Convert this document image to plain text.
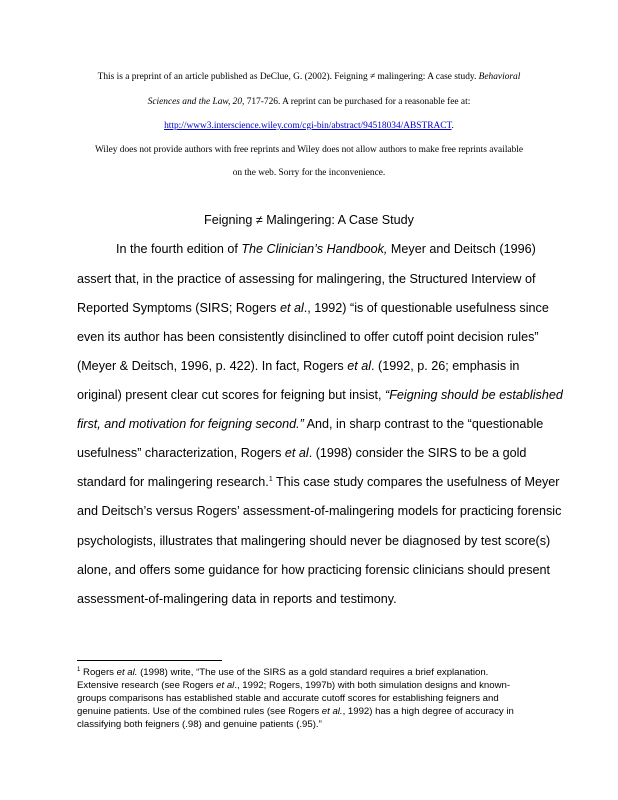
This is a preprint of an article published as DeClue, G. (2002). Feigning ≠ malingering: A case study. Behavioral
Sciences and the Law, 20, 717-726. A reprint can be purchased for a reasonable fee at:
http://www3.interscience.wiley.com/cgi-bin/abstract/94518034/ABSTRACT.
Wiley does not provide authors with free reprints and Wiley does not allow authors to make free reprints available
on the web. Sorry for the inconvenience.
Feigning ≠ Malingering: A Case Study
In the fourth edition of The Clinician’s Handbook, Meyer and Deitsch (1996)
assert that, in the practice of assessing for malingering, the Structured Interview of
Reported Symptoms (SIRS; Rogers et al., 1992) “is of questionable usefulness since
even its author has been consistently disinclined to offer cutoff point decision rules”
(Meyer & Deitsch, 1996, p. 422). In fact, Rogers et al. (1992, p. 26; emphasis in
original) present clear cut scores for feigning but insist, “Feigning should be established
first, and motivation for feigning second.” And, in sharp contrast to the “questionable
usefulness” characterization, Rogers et al. (1998) consider the SIRS to be a gold
standard for malingering research.$^1$ This case study compares the usefulness of Meyer
and Deitsch’s versus Rogers’ assessment-of-malingering models for practicing forensic
psychologists, illustrates that malingering should never be diagnosed by test score(s)
alone, and offers some guidance for how practicing forensic clinicians should present
assessment-of-malingering data in reports and testimony.
$^1$ Rogers et al. (1998) write, “The use of the SIRS as a gold standard requires a brief explanation.
Extensive research (see Rogers et al., 1992; Rogers, 1997b) with both simulation designs and known-
groups comparisons has established stable and accurate cutoff scores for establishing feigners and
genuine patients. Use of the combined rules (see Rogers et al., 1992) has a high degree of accuracy in
classifying both feigners (.98) and genuine patients (.95).”
